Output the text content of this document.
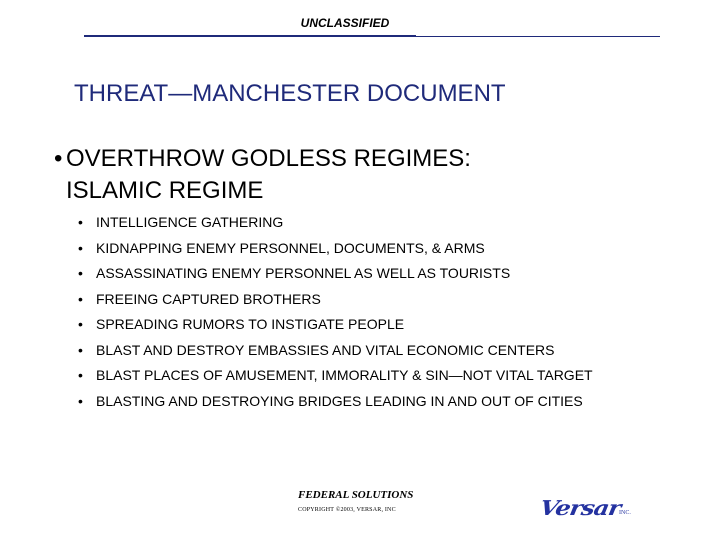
UNCLASSIFIED
THREAT—MANCHESTER DOCUMENT
• OVERTHROW GODLESS REGIMES:
ISLAMIC REGIME
• INTELLIGENCE GATHERING
• KIDNAPPING ENEMY PERSONNEL, DOCUMENTS, & ARMS
• ASSASSINATING ENEMY PERSONNEL AS WELL AS TOURISTS
• FREEING CAPTURED BROTHERS
• SPREADING RUMORS TO INSTIGATE PEOPLE
• BLAST AND DESTROY EMBASSIES AND VITAL ECONOMIC CENTERS
• BLAST PLACES OF AMUSEMENT, IMMORALITY & SIN—NOT VITAL TARGET
• BLASTING AND DESTROYING BRIDGES LEADING IN AND OUT OF CITIES
FEDERAL SOLUTIONS
COPYRIGHT ©2003, VERSAR, INC	VersarINC.
